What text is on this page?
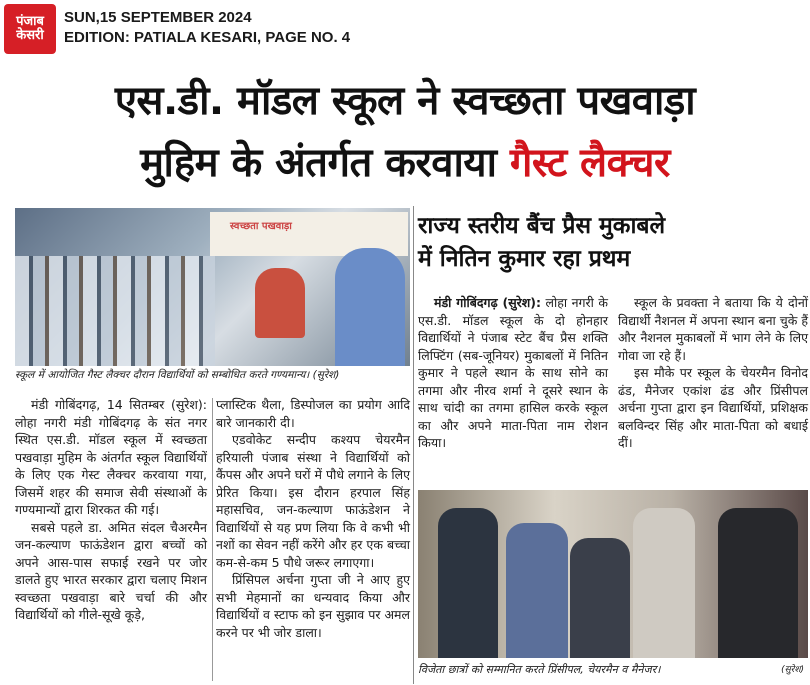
पंजाब
केसरी
SUN,15 SEPTEMBER 2024
EDITION: PATIALA KESARI, PAGE NO. 4
एस.डी. मॉडल स्कूल ने स्वच्छता पखवाड़ा
मुहिम के अंतर्गत करवाया गैस्ट लैक्चर
स्वच्छता पखवाड़ा
स्कूल में आयोजित गैस्ट लैक्चर दौरान विद्यार्थियों को सम्बोधित करते गण्यमान्य। (सुरेश)

मंडी गोबिंदगढ़, 14 सितम्बर (सुरेश): लोहा नगरी मंडी गोबिंदगढ़ के संत नगर स्थित एस.डी. मॉडल स्कूल में स्वच्छता पखवाड़ा मुहिम के अंतर्गत स्कूल विद्यार्थियों के लिए एक गेस्ट लैक्चर करवाया गया, जिसमें शहर की समाज सेवी संस्थाओं के गण्यमान्यों द्वारा शिरकत की गई।

सबसे पहले डा. अमित संदल चैअरमैन जन-कल्याण फाऊंडेशन द्वारा बच्चों को अपने आस-पास सफाई रखने पर जोर डालते हुए भारत सरकार द्वारा चलाए मिशन स्वच्छता पखवाड़ा बारे चर्चा की और विद्यार्थियों को गीले-सूखे कूड़े,

प्लास्टिक थैला, डिस्पोजल का प्रयोग आदि बारे जानकारी दी।

एडवोकेट सन्दीप कश्यप चेयरमैन हरियाली पंजाब संस्था ने विद्यार्थियों को कैंपस और अपने घरों में पौधे लगाने के लिए प्रेरित किया। इस दौरान हरपाल सिंह महासचिव, जन-कल्याण फाऊंडेशन ने विद्यार्थियों से यह प्रण लिया कि वे कभी भी नशों का सेवन नहीं करेंगे और हर एक बच्चा कम-से-कम 5 पौधे जरूर लगाएगा।

प्रिंसिपल अर्चना गुप्ता जी ने आए हुए सभी मेहमानों का धन्यवाद किया और विद्यार्थियों व स्टाफ को इन सुझाव पर अमल करने पर भी जोर डाला।

राज्य स्तरीय बैंच प्रैस मुकाबले
में नितिन कुमार रहा प्रथम

मंडी गोबिंदगढ़ (सुरेश): लोहा नगरी के एस.डी. मॉडल स्कूल के दो होनहार विद्यार्थियों ने पंजाब स्टेट बैंच प्रैस शक्ति लिफ्टिंग (सब-जूनियर) मुकाबलों में नितिन कुमार ने पहले स्थान के साथ सोने का तगमा और नीरव शर्मा ने दूसरे स्थान के साथ चांदी का तगमा हासिल करके स्कूल का और अपने माता-पिता नाम रोशन किया।

स्कूल के प्रवक्ता ने बताया कि ये दोनों विद्यार्थी नैशनल में अपना स्थान बना चुके हैं और नैशनल मुकाबलों में भाग लेने के लिए गोवा जा रहे हैं।

इस मौके पर स्कूल के चेयरमैन विनोद ढंड, मैनेजर एकांश ढंड और प्रिंसीपल अर्चना गुप्ता द्वारा इन विद्यार्थियों, प्रशिक्षक बलविन्दर सिंह और माता-पिता को बधाई दीं।

विजेता छात्रों को सम्मानित करते प्रिंसीपल, चेयरमैन व मैनेजर।	(सुरेश)
